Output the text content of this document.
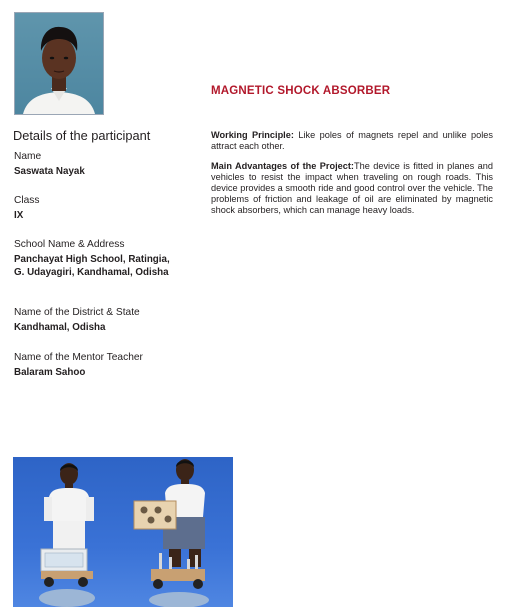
MAGNETIC SHOCK ABSORBER
Details of the participant
Name
Saswata Nayak
Class
IX
School Name & Address
Panchayat High School, Ratingia,
G. Udayagiri, Kandhamal, Odisha
Name of the District & State
Kandhamal, Odisha
Name of the Mentor Teacher
Balaram Sahoo
Working Principle: Like poles of magnets repel and unlike poles attract each other.
Main Advantages of the Project:The device is fitted in planes and vehicles to resist the impact when traveling on rough roads. This device provides a smooth ride and good control over the vehicle. The problems of friction and leakage of oil are eliminated by magnetic shock absorbers, which can manage heavy loads.
